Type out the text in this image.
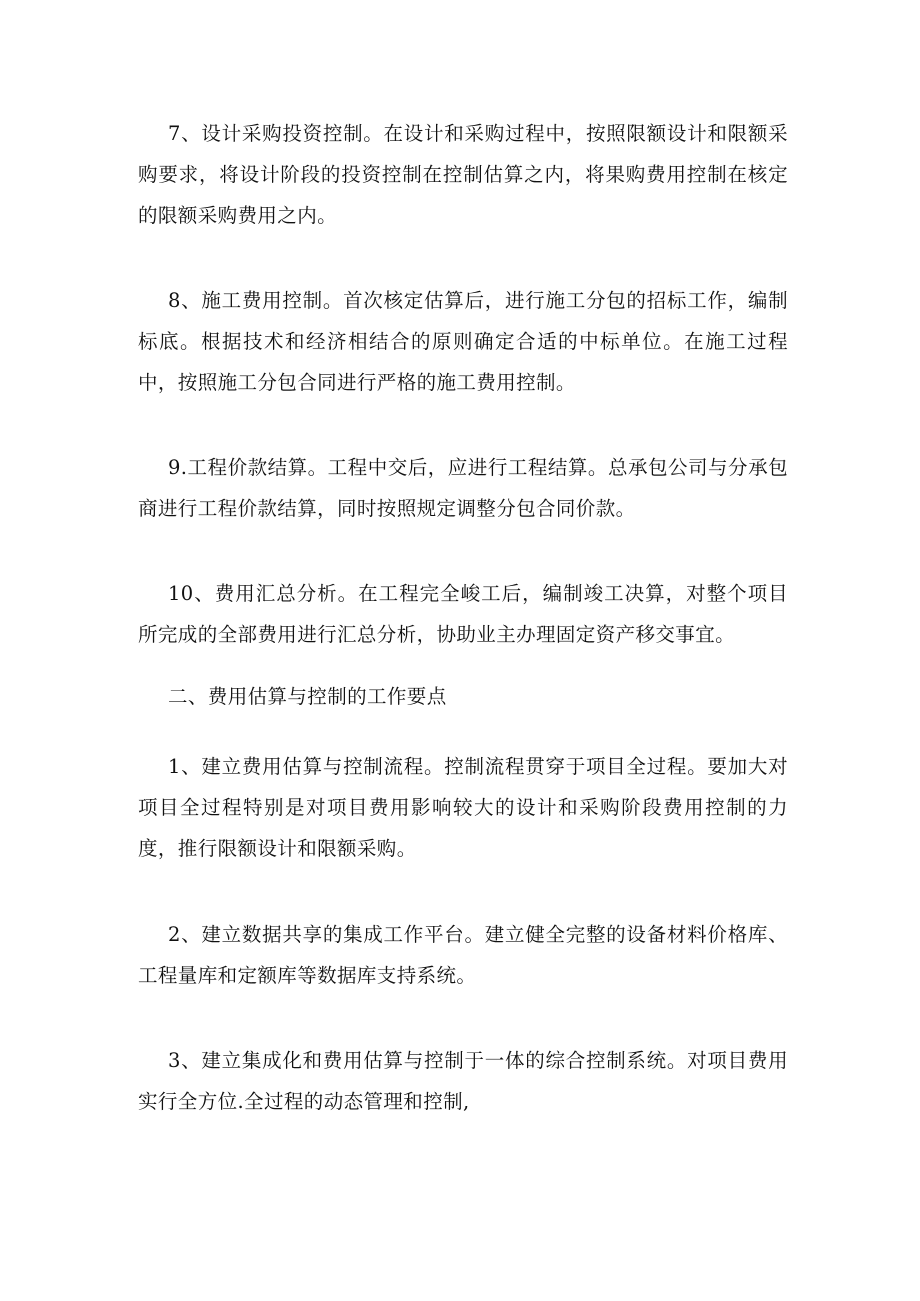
7、设计采购投资控制。在设计和采购过程中，按照限额设计和限额采购要求，将设计阶段的投资控制在控制估算之内，将果购费用控制在核定的限额采购费用之内。

8、施工费用控制。首次核定估算后，进行施工分包的招标工作，编制标底。根据技术和经济相结合的原则确定合适的中标单位。在施工过程中，按照施工分包合同进行严格的施工费用控制。

9.工程价款结算。工程中交后，应进行工程结算。总承包公司与分承包商进行工程价款结算，同时按照规定调整分包合同价款。

10、费用汇总分析。在工程完全峻工后，编制竣工决算，对整个项目所完成的全部费用进行汇总分析，协助业主办理固定资产移交事宜。

二、费用估算与控制的工作要点

1、建立费用估算与控制流程。控制流程贯穿于项目全过程。要加大对项目全过程特别是对项目费用影响较大的设计和采购阶段费用控制的力度，推行限额设计和限额采购。

2、建立数据共享的集成工作平台。建立健全完整的设备材料价格库、工程量库和定额库等数据库支持系统。

3、建立集成化和费用估算与控制于一体的综合控制系统。对项目费用实行全方位.全过程的动态管理和控制,
